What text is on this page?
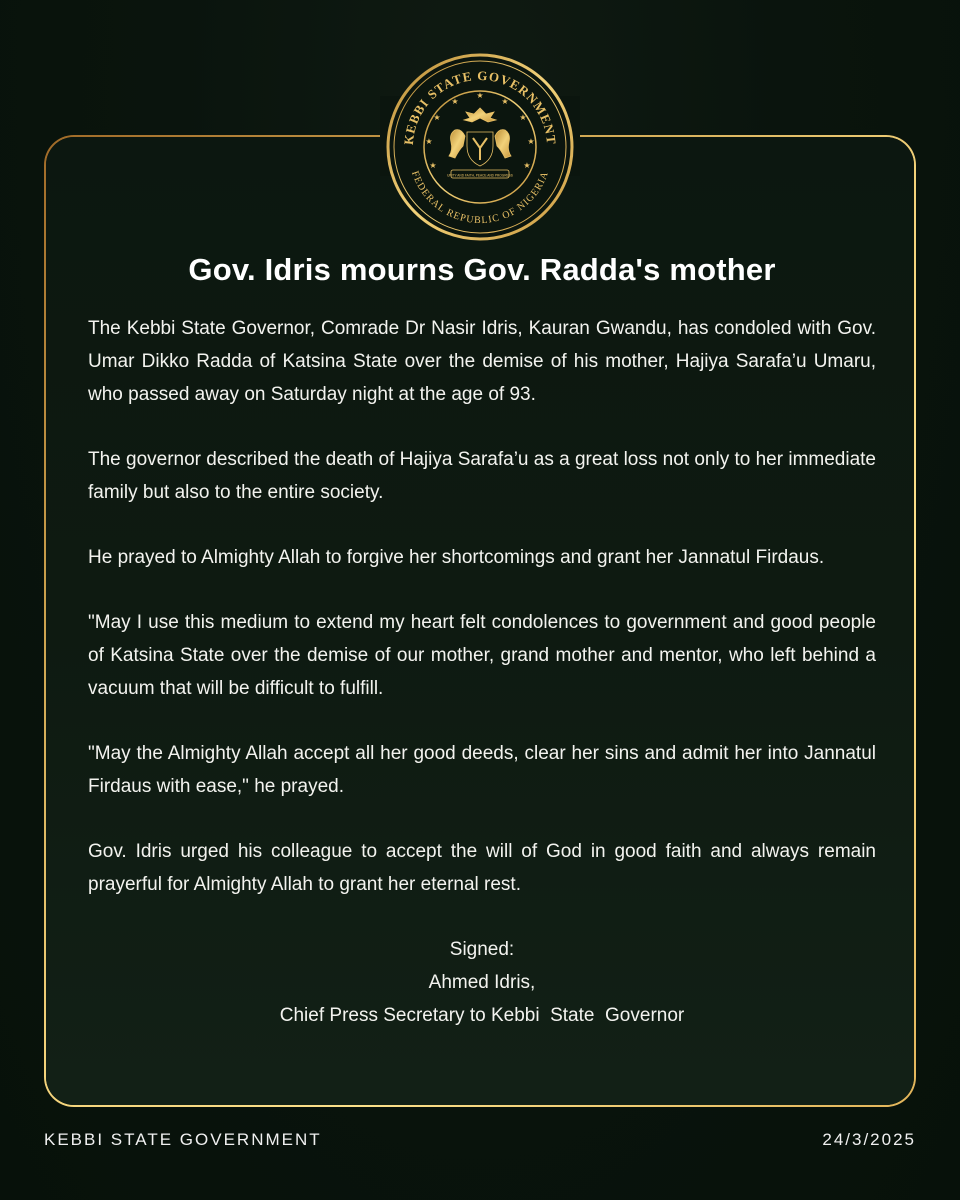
KEBBI STATE GOVERNMENT
FEDERAL REPUBLIC OF NIGERIA
★
★
★
★
★
★
★
★
★
UNITY AND FAITH, PEACE AND PROGRESS
Gov. Idris mourns Gov. Radda's mother

The Kebbi State Governor, Comrade Dr Nasir Idris, Kauran Gwandu, has condoled with Gov. Umar Dikko Radda of Katsina State over the demise of his mother, Hajiya Sarafa’u Umaru, who passed away on Saturday night at the age of 93.

The governor described the death of Hajiya Sarafa’u as a great loss not only to her immediate family but also to the entire society.

He prayed to Almighty Allah to forgive her shortcomings and grant her Jannatul Firdaus.

"May I use this medium to extend my heart felt condolences to government and good people of Katsina State over the demise of our mother, grand mother and mentor, who left behind a vacuum that will be difficult to fulfill.

"May the Almighty Allah accept all her good deeds, clear her sins and admit her into Jannatul Firdaus with ease," he prayed.

Gov. Idris urged his colleague to accept the will of God in good faith and always remain prayerful for Almighty Allah to grant her eternal rest.

Signed:
Ahmed Idris,
Chief Press Secretary to Kebbi  State  Governor
KEBBI STATE GOVERNMENT	24/3/2025
